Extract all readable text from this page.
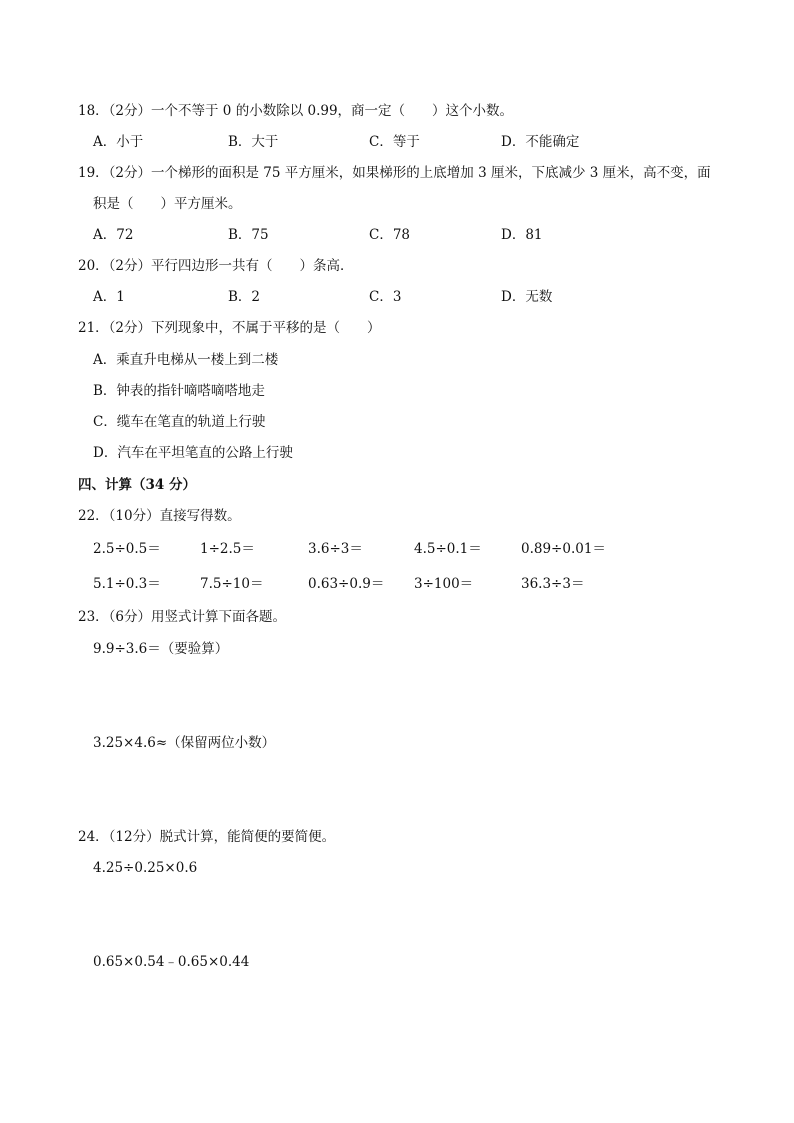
18．（2分）一个不等于 0 的小数除以 0.99，商一定（　　）这个小数。
A．小于	B．大于	C．等于	D．不能确定
19．（2分）一个梯形的面积是 75 平方厘米，如果梯形的上底增加 3 厘米，下底减少 3 厘米，高不变，面
积是（　　）平方厘米。
A．72	B．75	C．78	D．81
20．（2分）平行四边形一共有（　　）条高．
A．1	B．2	C．3	D．无数
21．（2分）下列现象中，不属于平移的是（　　）
A．乘直升电梯从一楼上到二楼
B．钟表的指针嘀嗒嘀嗒地走
C．缆车在笔直的轨道上行驶
D．汽车在平坦笔直的公路上行驶
四、计算（34 分）
22．（10分）直接写得数。
2.5÷0.5＝	1÷2.5＝	3.6÷3＝	4.5÷0.1＝	0.89÷0.01＝
5.1÷0.3＝	7.5÷10＝	0.63÷0.9＝ 3÷100＝	36.3÷3＝
23．（6分）用竖式计算下面各题。
9.9÷3.6＝（要验算）
3.25×4.6≈（保留两位小数）
24．（12分）脱式计算，能简便的要简便。
4.25÷0.25×0.6
0.65×0.54﹣0.65×0.44
